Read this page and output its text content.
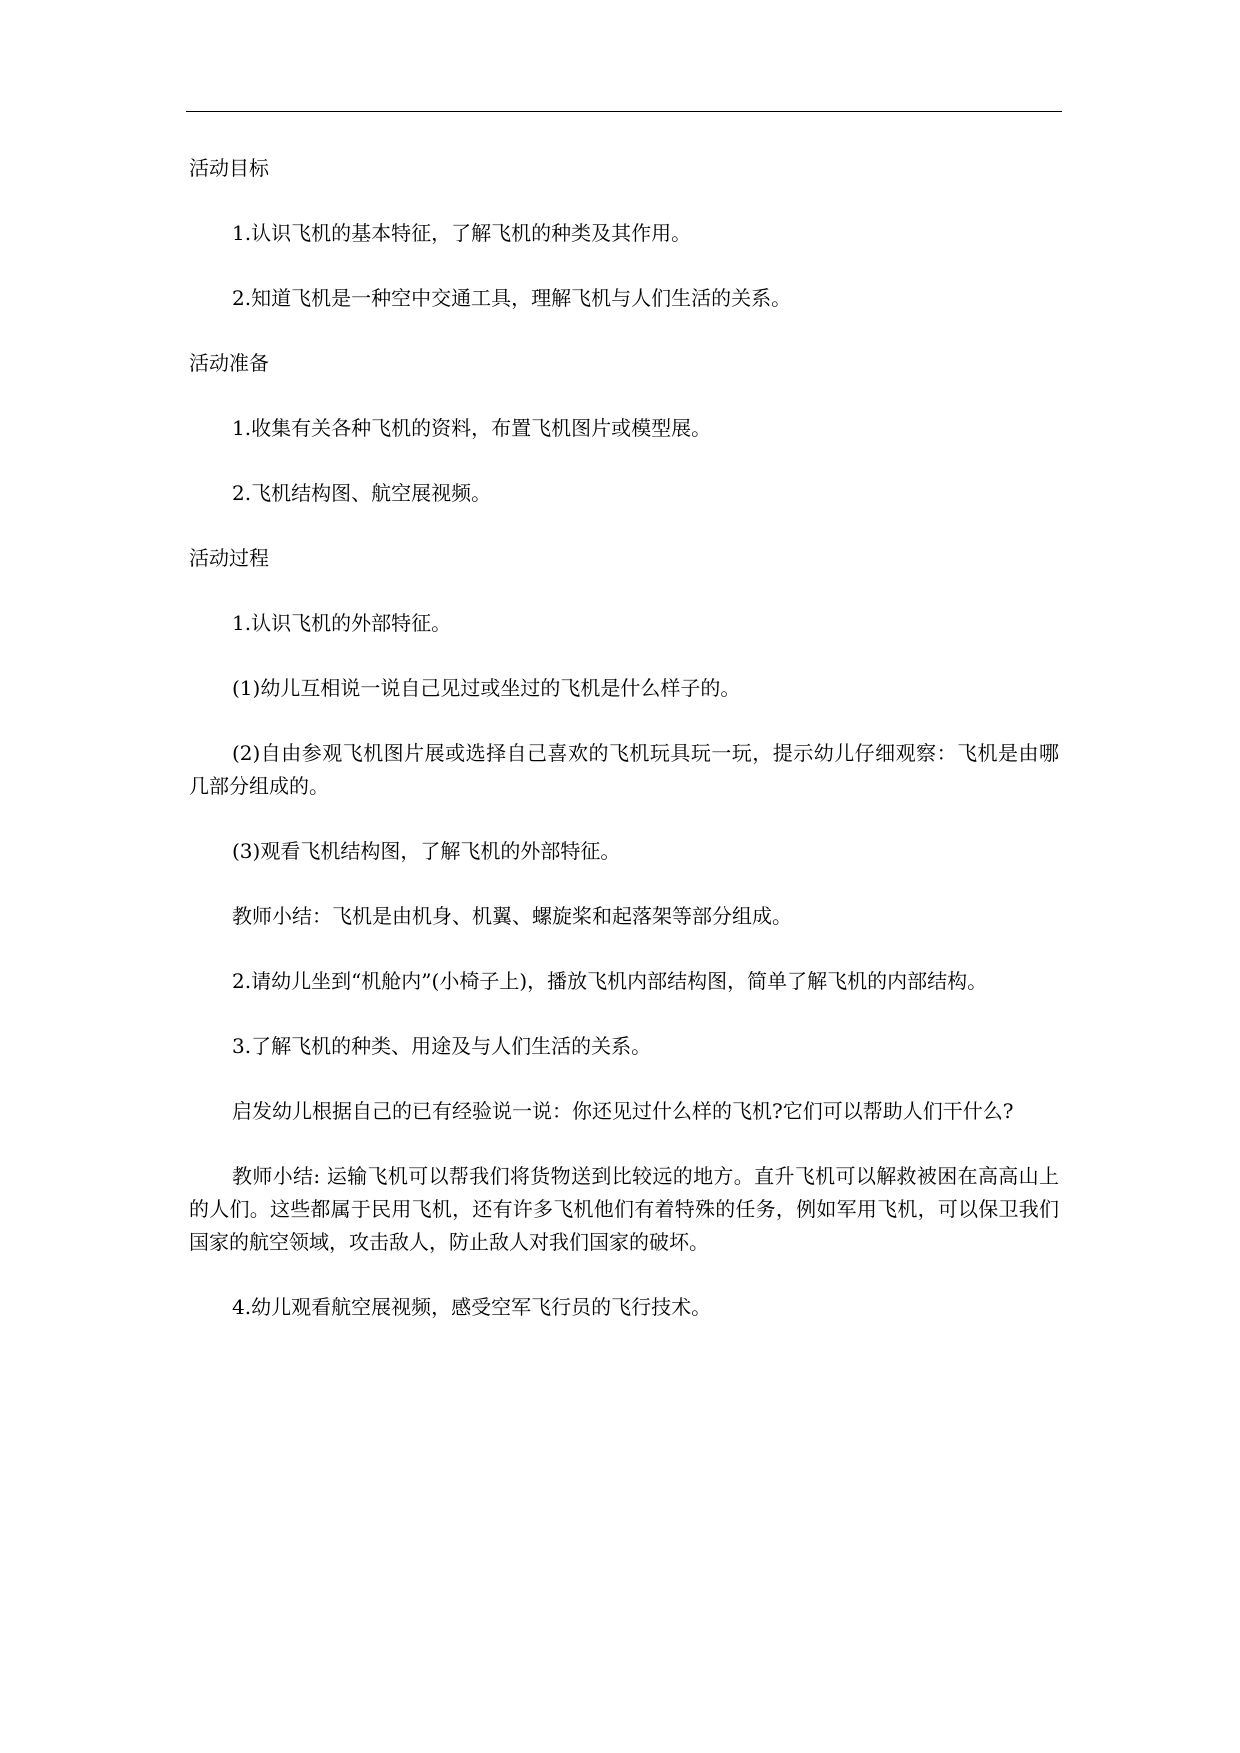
活动目标
1.认识飞机的基本特征，了解飞机的种类及其作用。
2.知道飞机是一种空中交通工具，理解飞机与人们生活的关系。
活动准备
1.收集有关各种飞机的资料，布置飞机图片或模型展。
2.飞机结构图、航空展视频。
活动过程
1.认识飞机的外部特征。
(1)幼儿互相说一说自己见过或坐过的飞机是什么样子的。
(2)自由参观飞机图片展或选择自己喜欢的飞机玩具玩一玩，提示幼儿仔细观察：飞机是由哪几部分组成的。
(3)观看飞机结构图，了解飞机的外部特征。
教师小结：飞机是由机身、机翼、螺旋桨和起落架等部分组成。
2.请幼儿坐到“机舱内”(小椅子上)，播放飞机内部结构图，简单了解飞机的内部结构。
3.了解飞机的种类、用途及与人们生活的关系。
启发幼儿根据自己的已有经验说一说：你还见过什么样的飞机?它们可以帮助人们干什么?
教师小结: 运输飞机可以帮我们将货物送到比较远的地方。直升飞机可以解救被困在高高山上的人们。这些都属于民用飞机，还有许多飞机他们有着特殊的任务，例如军用飞机，可以保卫我们国家的航空领域，攻击敌人，防止敌人对我们国家的破坏。
4.幼儿观看航空展视频，感受空军飞行员的飞行技术。
